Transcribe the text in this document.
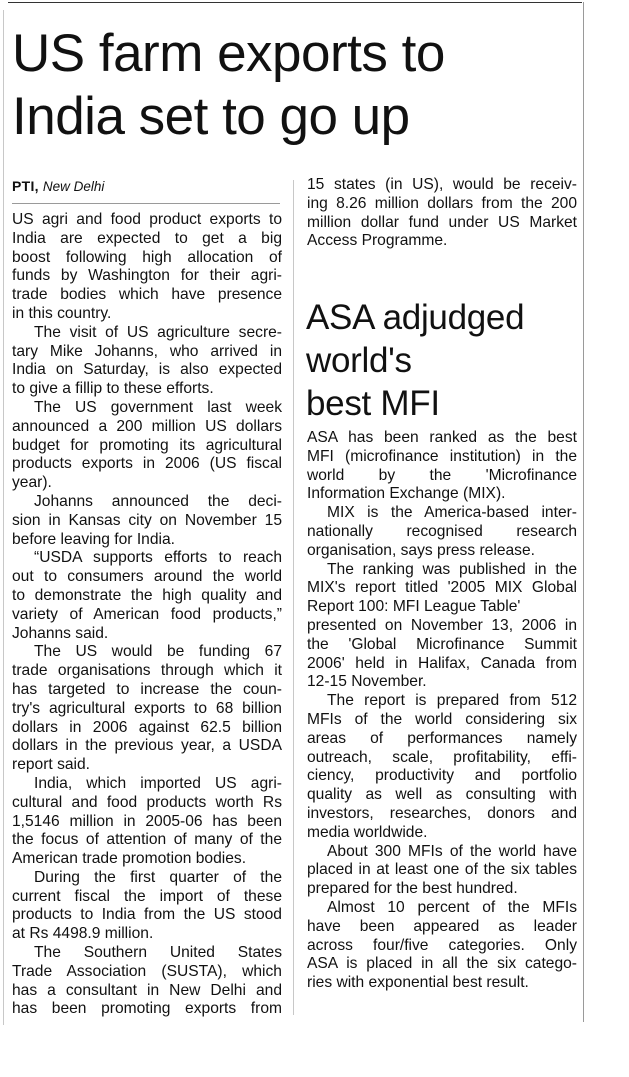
US farm exports to
India set to go up
PTI, New Delhi
US agri and food product exports to
India are expected to get a big
boost following high allocation of
funds by Washington for their agri-
trade bodies which have presence
in this country.
The visit of US agriculture secre-
tary Mike Johanns, who arrived in
India on Saturday, is also expected
to give a fillip to these efforts.
The US government last week
announced a 200 million US dollars
budget for promoting its agricultural
products exports in 2006 (US fiscal
year).
Johanns announced the deci-
sion in Kansas city on November 15
before leaving for India.
“USDA supports efforts to reach
out to consumers around the world
to demonstrate the high quality and
variety of American food products,”
Johanns said.
The US would be funding 67
trade organisations through which it
has targeted to increase the coun-
try's agricultural exports to 68 billion
dollars in 2006 against 62.5 billion
dollars in the previous year, a USDA
report said.
India, which imported US agri-
cultural and food products worth Rs
1,5146 million in 2005-06 has been
the focus of attention of many of the
American trade promotion bodies.
During the first quarter of the
current fiscal the import of these
products to India from the US stood
at Rs 4498.9 million.
The Southern United States
Trade Association (SUSTA), which
has a consultant in New Delhi and
has been promoting exports from
15 states (in US), would be receiv-
ing 8.26 million dollars from the 200
million dollar fund under US Market
Access Programme.
ASA adjudged
world's
best MFI
ASA has been ranked as the best
MFI (microfinance institution) in the
world by the 'Microfinance
Information Exchange (MIX).
MIX is the America-based inter-
nationally recognised research
organisation, says press release.
The ranking was published in the
MIX's report titled '2005 MIX Global
Report 100: MFI League Table'
presented on November 13, 2006 in
the 'Global Microfinance Summit
2006' held in Halifax, Canada from
12-15 November.
The report is prepared from 512
MFIs of the world considering six
areas of performances namely
outreach, scale, profitability, effi-
ciency, productivity and portfolio
quality as well as consulting with
investors, researches, donors and
media worldwide.
About 300 MFIs of the world have
placed in at least one of the six tables
prepared for the best hundred.
Almost 10 percent of the MFIs
have been appeared as leader
across four/five categories. Only
ASA is placed in all the six catego-
ries with exponential best result.
